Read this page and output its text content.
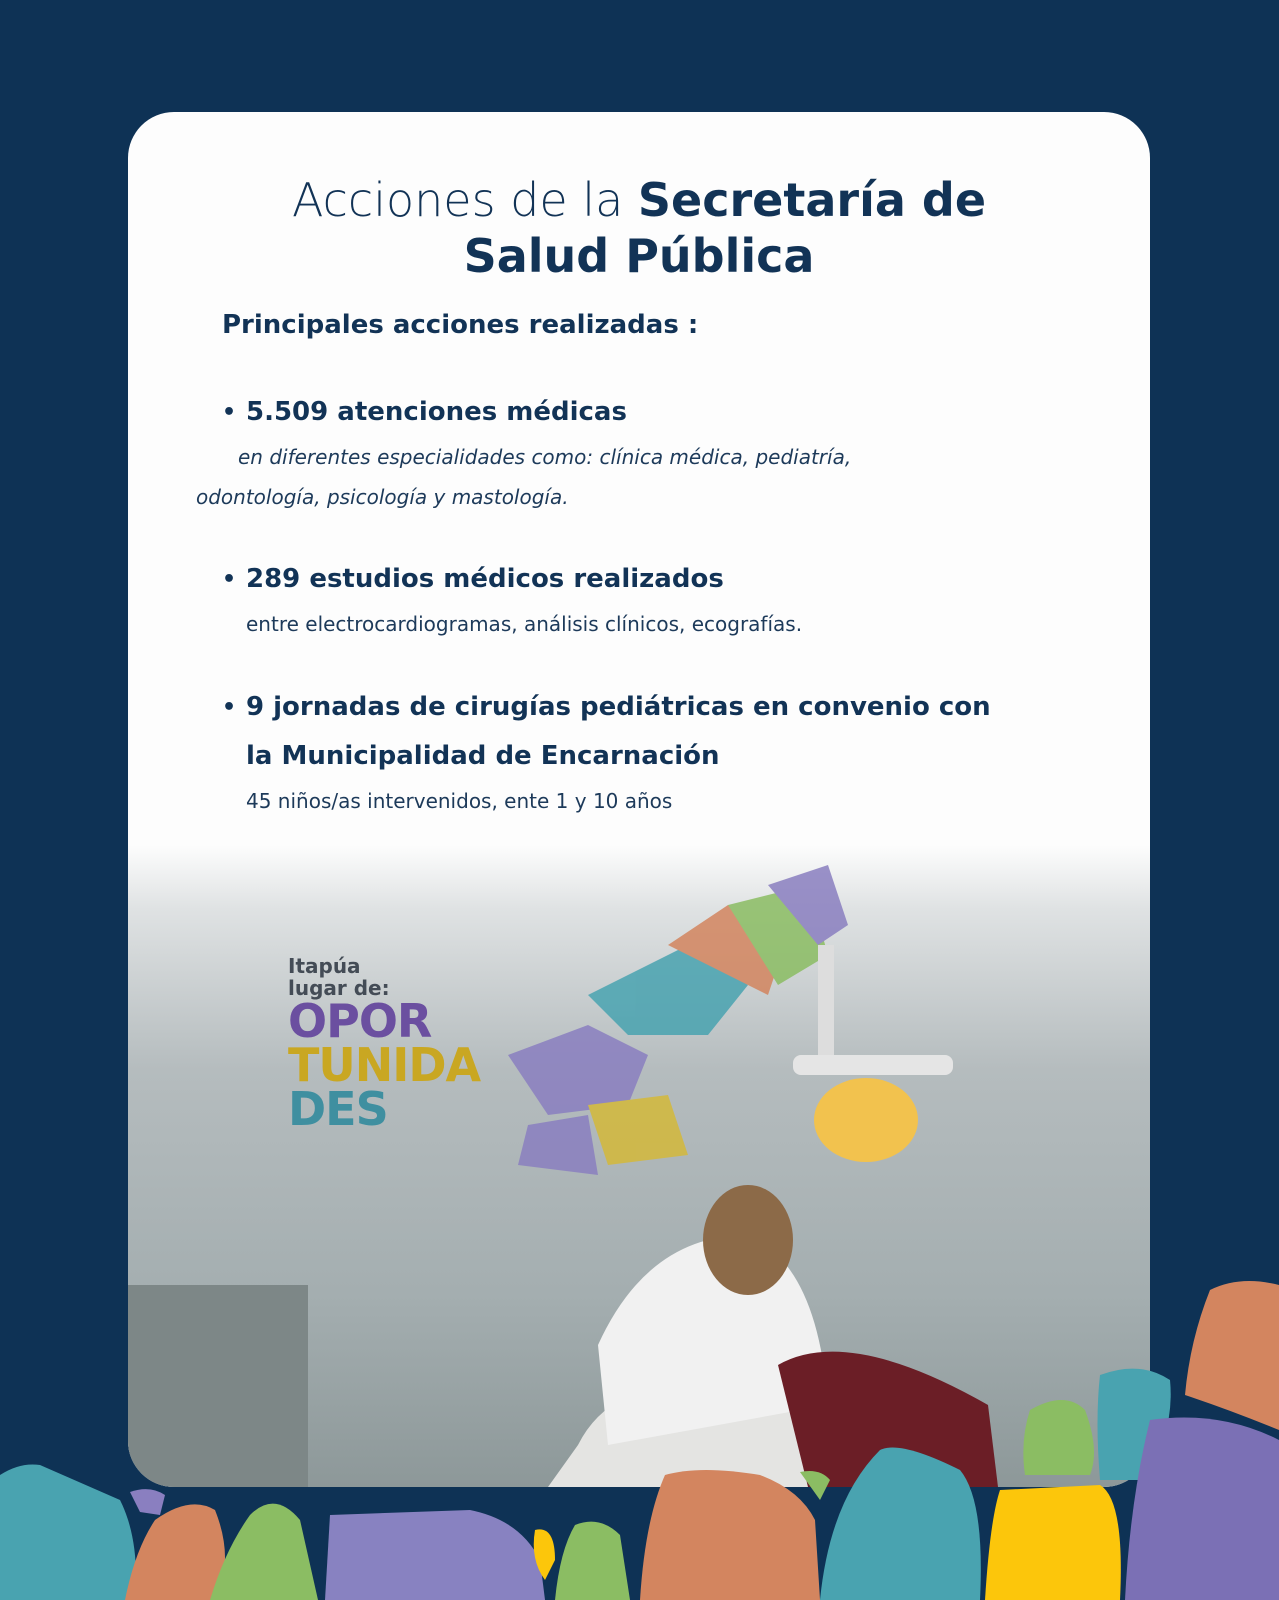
Acciones de la Secretaría de
Salud Pública
Principales acciones realizadas :
• 5.509 atenciones médicas
en diferentes especialidades como: clínica médica, pediatría,
odontología, psicología y mastología.
• 289 estudios médicos realizados
entre electrocardiogramas, análisis clínicos, ecografías.
• 9 jornadas de cirugías pediátricas en convenio con
la Municipalidad de Encarnación
45 niños/as intervenidos, ente 1 y 10 años
Itapúa
lugar de:
OPOR
TUNIDA
DES
